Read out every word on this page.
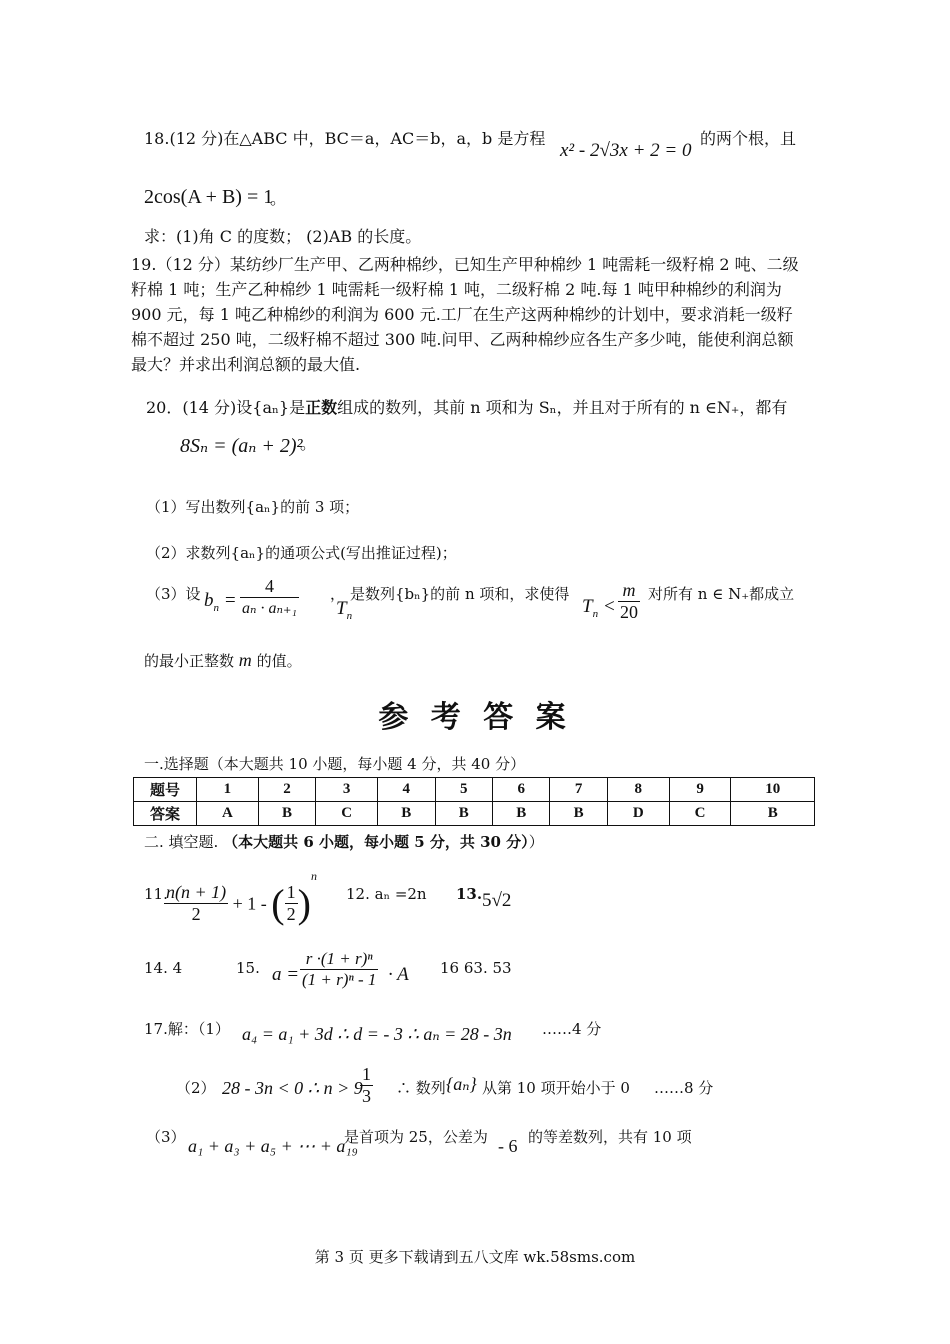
18.(12 分)在△ABC 中，BC＝a，AC＝b，a，b 是方程
x² - 2√3x + 2 = 0
的两个根，且
2cos(A + B) = 1
。
求：(1)角 C 的度数； (2)AB 的长度。
19.（12 分）某纺纱厂生产甲、乙两种棉纱，已知生产甲种棉纱 1 吨需耗一级籽棉 2 吨、二级
籽棉 1 吨；生产乙种棉纱 1 吨需耗一级籽棉 1 吨，二级籽棉 2 吨.每 1 吨甲种棉纱的利润为
900 元，每 1 吨乙种棉纱的利润为 600 元.工厂在生产这两种棉纱的计划中，要求消耗一级籽
棉不超过 250 吨，二级籽棉不超过 300 吨.问甲、乙两种棉纱应各生产多少吨，能使利润总额
最大？并求出利润总额的最大值.
20．(14 分)设{aₙ}是正数组成的数列，其前 n 项和为 Sₙ，并且对于所有的 n ∈N₊，都有
8Sₙ = (aₙ + 2)²
。
（1）写出数列{aₙ}的前 3 项；
（2）求数列{aₙ}的通项公式(写出推证过程)；
（3）设 $b_n = \frac{4}{\text{aₙ · aₙ₊₁}}$ ，
$T_n$
是数列{bₙ}的前 n 项和，求使得
$T_n < \frac{m}{20}$ 对所有 n ∈ N₊都成立
的最小正整数 m 的值。
参 考 答 案
一.选择题（本大题共 10 小题，每小题 4 分，共 40 分）
题号	1	2	3	4	5	6	7	8	9	10
答案	A	B	C	B	B	B	B	D	C	B
二. 填空题. （本大题共 6 小题，每小题 5 分，共 30 分））
11.
$\frac{n(n + 1)}{2} + 1$ - ( $\frac{1}{2} )^n$
12. aₙ =2n 13. 5√2
14. 4	15. $a = \frac{\text{r ·(1 + r)ⁿ}}{\text{(1 + r)ⁿ - 1}} \cdot A$ 16 63. 53
17.解：（1） a₄ = a₁ + 3d ∴ d = - 3 ∴ aₙ = 28 - 3n ……4 分
（2） 28 - 3n < 0 ∴ n > 9
$\frac{1}{3}$ ∴ 数列 {aₙ} 从第 10 项开始小于 0 ……8 分
（3） a₁ + a₃ + a₅ + ⋯ + a₁₉
是首项为 25，公差为 - 6 的等差数列，共有 10 项
第 3 页 更多下载请到五八文库 wk.58sms.com
